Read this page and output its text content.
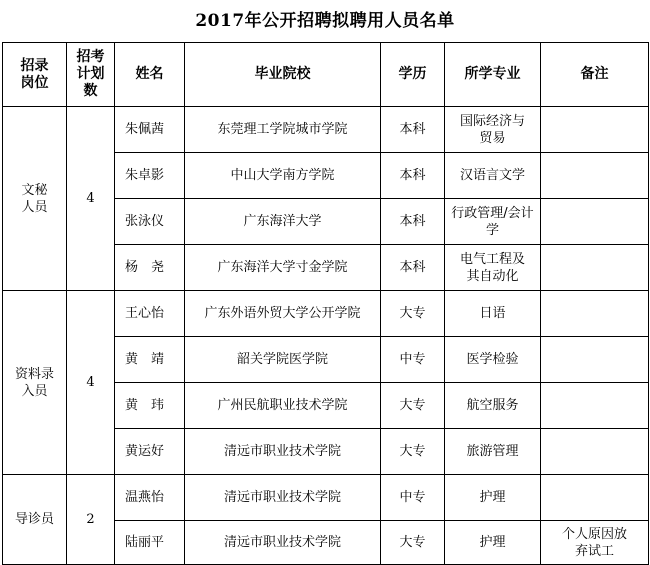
2017年公开招聘拟聘用人员名单
招录岗位	招考计划数	姓名	毕业院校	学历	所学专业	备注

文秘人员	4	朱佩茜	东莞理工学院城市学院	本科	国际经济与贸易	

		朱卓影	中山大学南方学院	本科	汉语言文学	
		张泳仪	广东海洋大学	本科	行政管理/会计学	

		杨　尧	广东海洋大学寸金学院	本科	电气工程及其自动化	

资料录入员	4	王心怡	广东外语外贸大学公开学院	大专	日语	
		黄　靖	韶关学院医学院	中专	医学检验	
		黄　玮	广州民航职业技术学院	大专	航空服务	
		黄运好	清远市职业技术学院	大专	旅游管理	
导诊员	2	温燕怡	清远市职业技术学院	中专	护理	
		陆丽平	清远市职业技术学院	大专	护理	个人原因放弃试工
